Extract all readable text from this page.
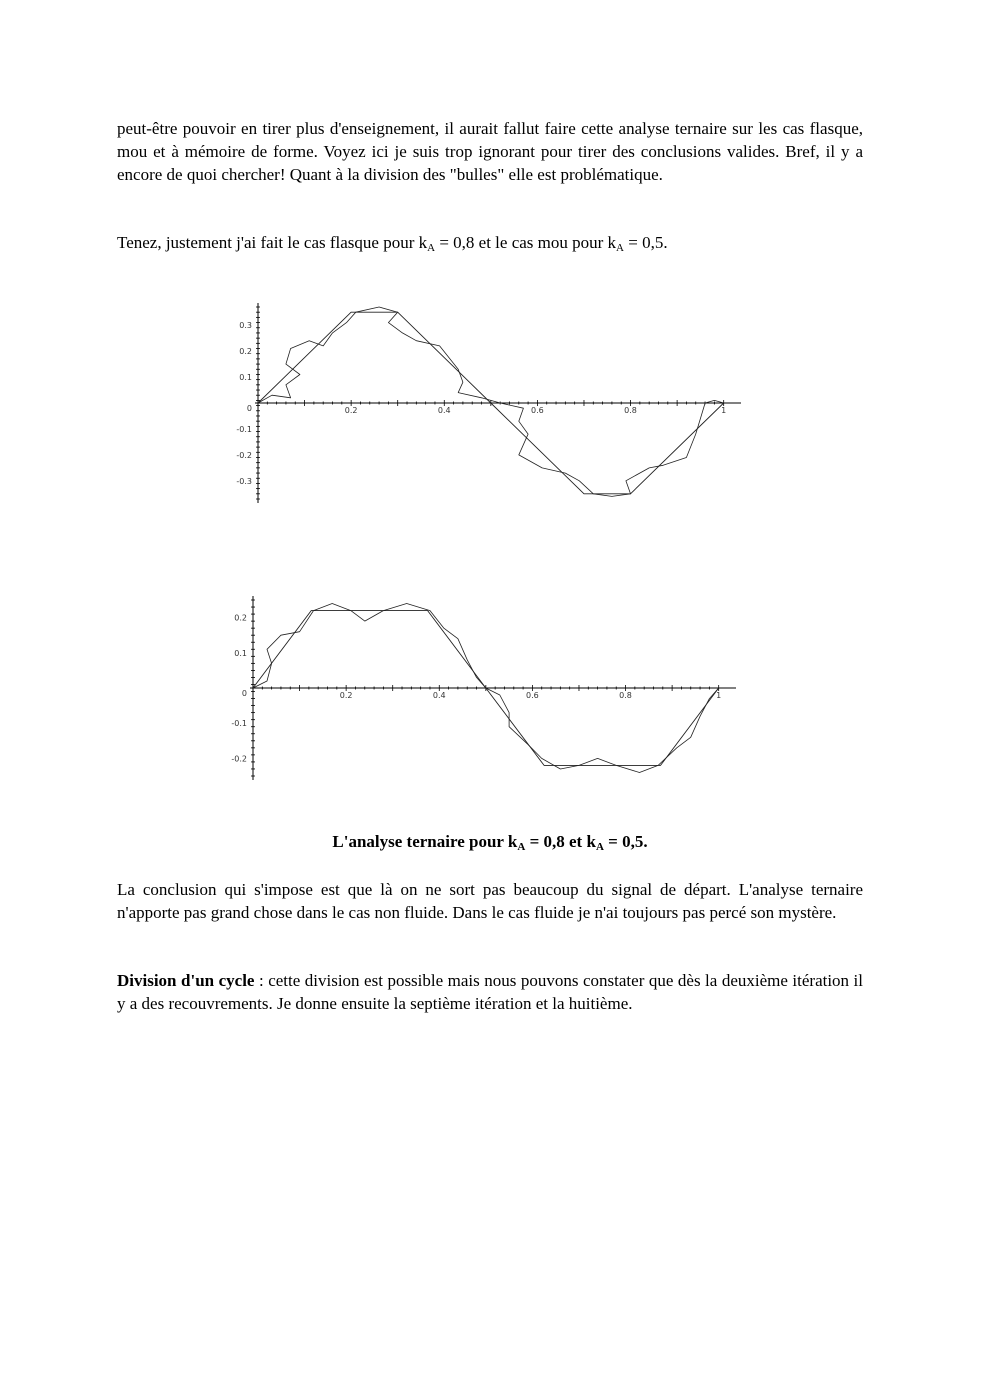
peut-être pouvoir en tirer plus d'enseignement, il aurait fallut faire cette analyse ternaire sur les cas flasque, mou et à mémoire de forme. Voyez ici je suis trop ignorant pour tirer des conclusions valides. Bref, il y a encore de quoi chercher! Quant à la division des "bulles" elle est problématique.

Tenez, justement j'ai fait le cas flasque pour $k_A = 0,8$ et le cas mou pour $k_A = 0,5$.

0.2	0.4	0.6	0.8	1
0.3
0.2
0.1
0
-0.1
-0.2
-0.3
0.2	0.4	0.6	0.8	1
0.2
0.1
0
-0.1
-0.2

L'analyse ternaire pour $k_A = 0,8$ et $k_A = 0,5$.

La conclusion qui s'impose est que là on ne sort pas beaucoup du signal de départ. L'analyse ternaire n'apporte pas grand chose dans le cas non fluide. Dans le cas fluide je n'ai toujours pas percé son mystère.

Division d'un cycle : cette division est possible mais nous pouvons constater que dès la deuxième itération il y a des recouvrements. Je donne ensuite la septième itération et la huitième.
